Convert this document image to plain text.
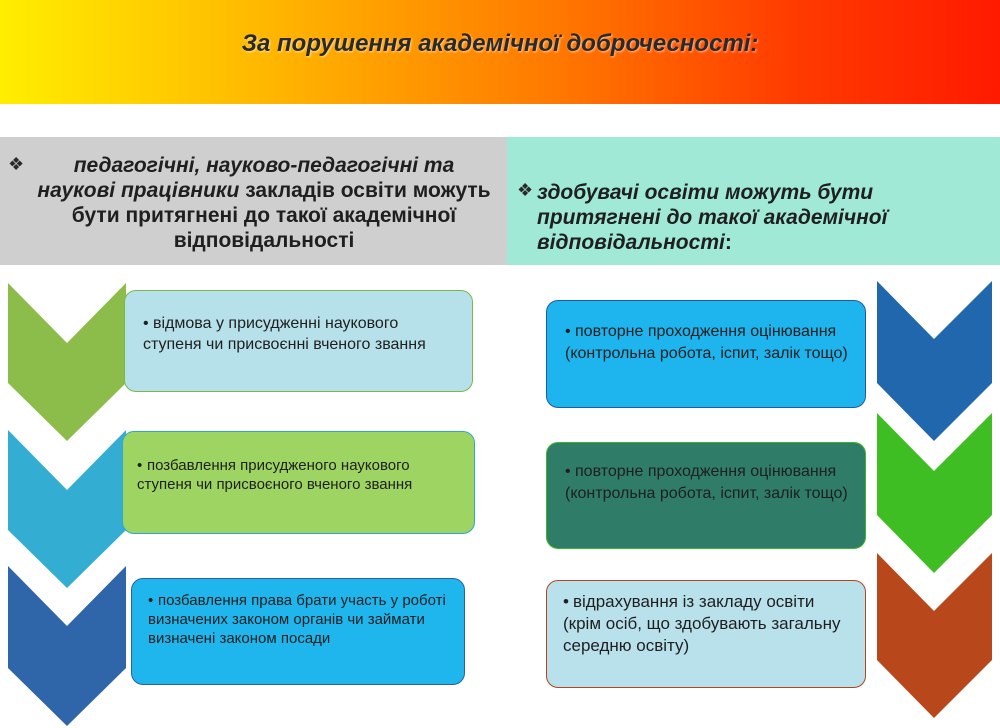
За порушення академічної доброчесності:
❖	педагогічні, науково-педагогічні та наукові працівники закладів освіти можуть бути притягнені до такої академічної відповідальності
❖ здобувачі освіти можуть бути притягнені до такої академічної відповідальності:
• відмова у присудженні наукового ступеня чи присвоєнні вченого звання
• позбавлення присудженого наукового ступеня чи присвоєного вченого звання
• позбавлення права брати участь у роботі визначених законом органів чи займати визначені законом посади
• повторне проходження оцінювання (контрольна робота, іспит, залік тощо)
• повторне проходження оцінювання (контрольна робота, іспит, залік тощо)
• відрахування із закладу освіти (крім осіб, що здобувають загальну середню освіту)
